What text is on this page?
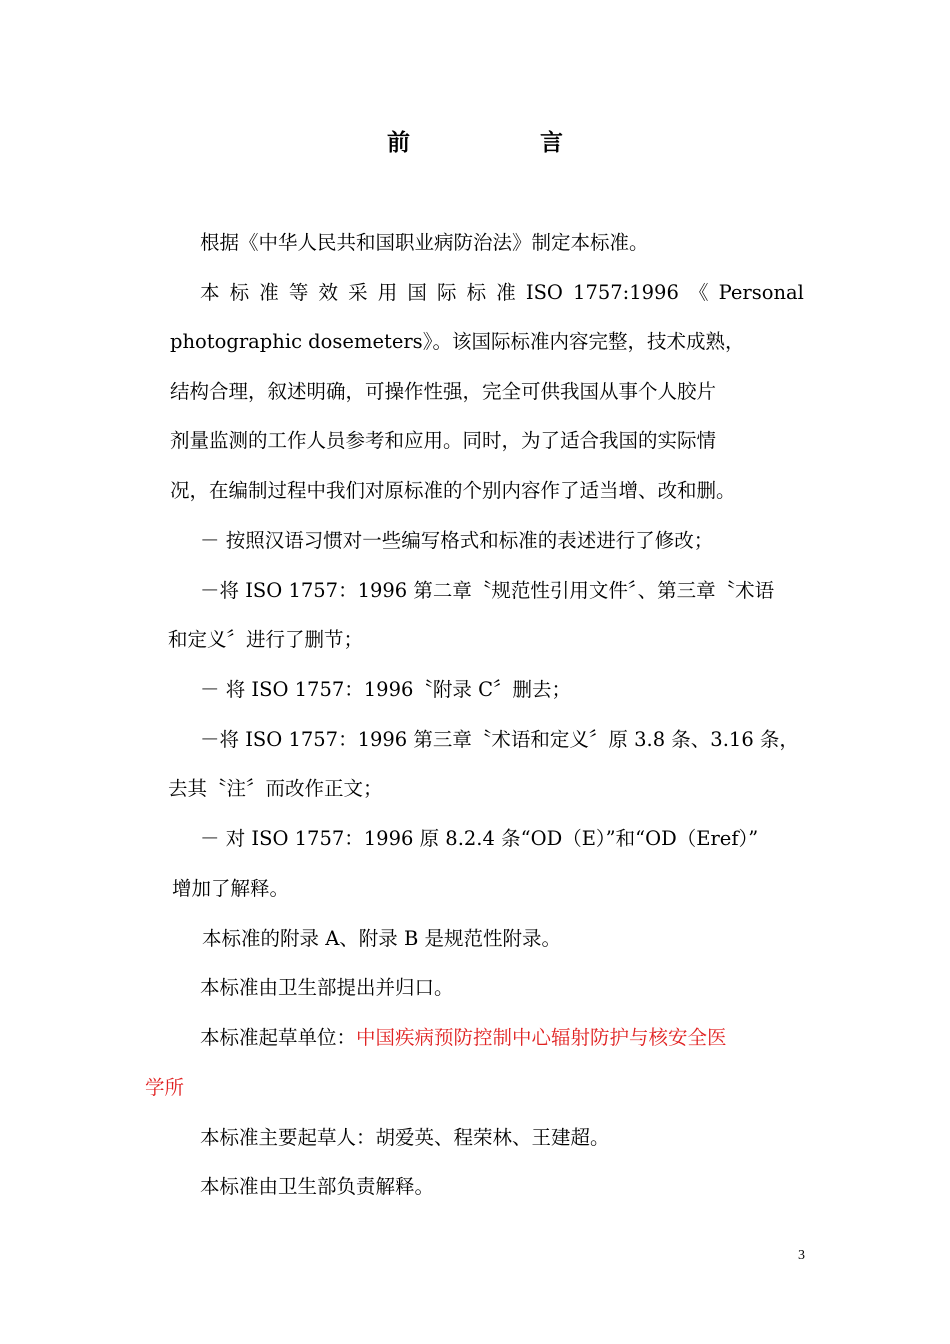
前	言
根据《中华人民共和国职业病防治法》制定本标准。
本 标 准 等 效 采 用 国 际 标 准 ISO 1757:1996 《 Personal
photographic dosemeters》。该国际标准内容完整，技术成熟，
结构合理，叙述明确，可操作性强，完全可供我国从事个人胶片
剂量监测的工作人员参考和应用。同时，为了适合我国的实际情
况，在编制过程中我们对原标准的个别内容作了适当增、改和删。
－ 按照汉语习惯对一些编写格式和标准的表述进行了修改；
－将 ISO 1757：1996 第二章〝规范性引用文件〞、第三章〝术语
和定义〞进行了删节；
－ 将 ISO 1757：1996〝附录 C〞删去；
－将 ISO 1757：1996 第三章〝术语和定义〞原 3.8 条、3.16 条，
去其〝注〞而改作正文；
－ 对 ISO 1757：1996 原 8.2.4 条“OD（E）”和“OD（Eref）”
增加了解释。
本标准的附录 A、附录 B 是规范性附录。
本标准由卫生部提出并归口。
本标准起草单位：中国疾病预防控制中心辐射防护与核安全医
学所
本标准主要起草人：胡爱英、程荣林、王建超。
本标准由卫生部负责解释。
3
